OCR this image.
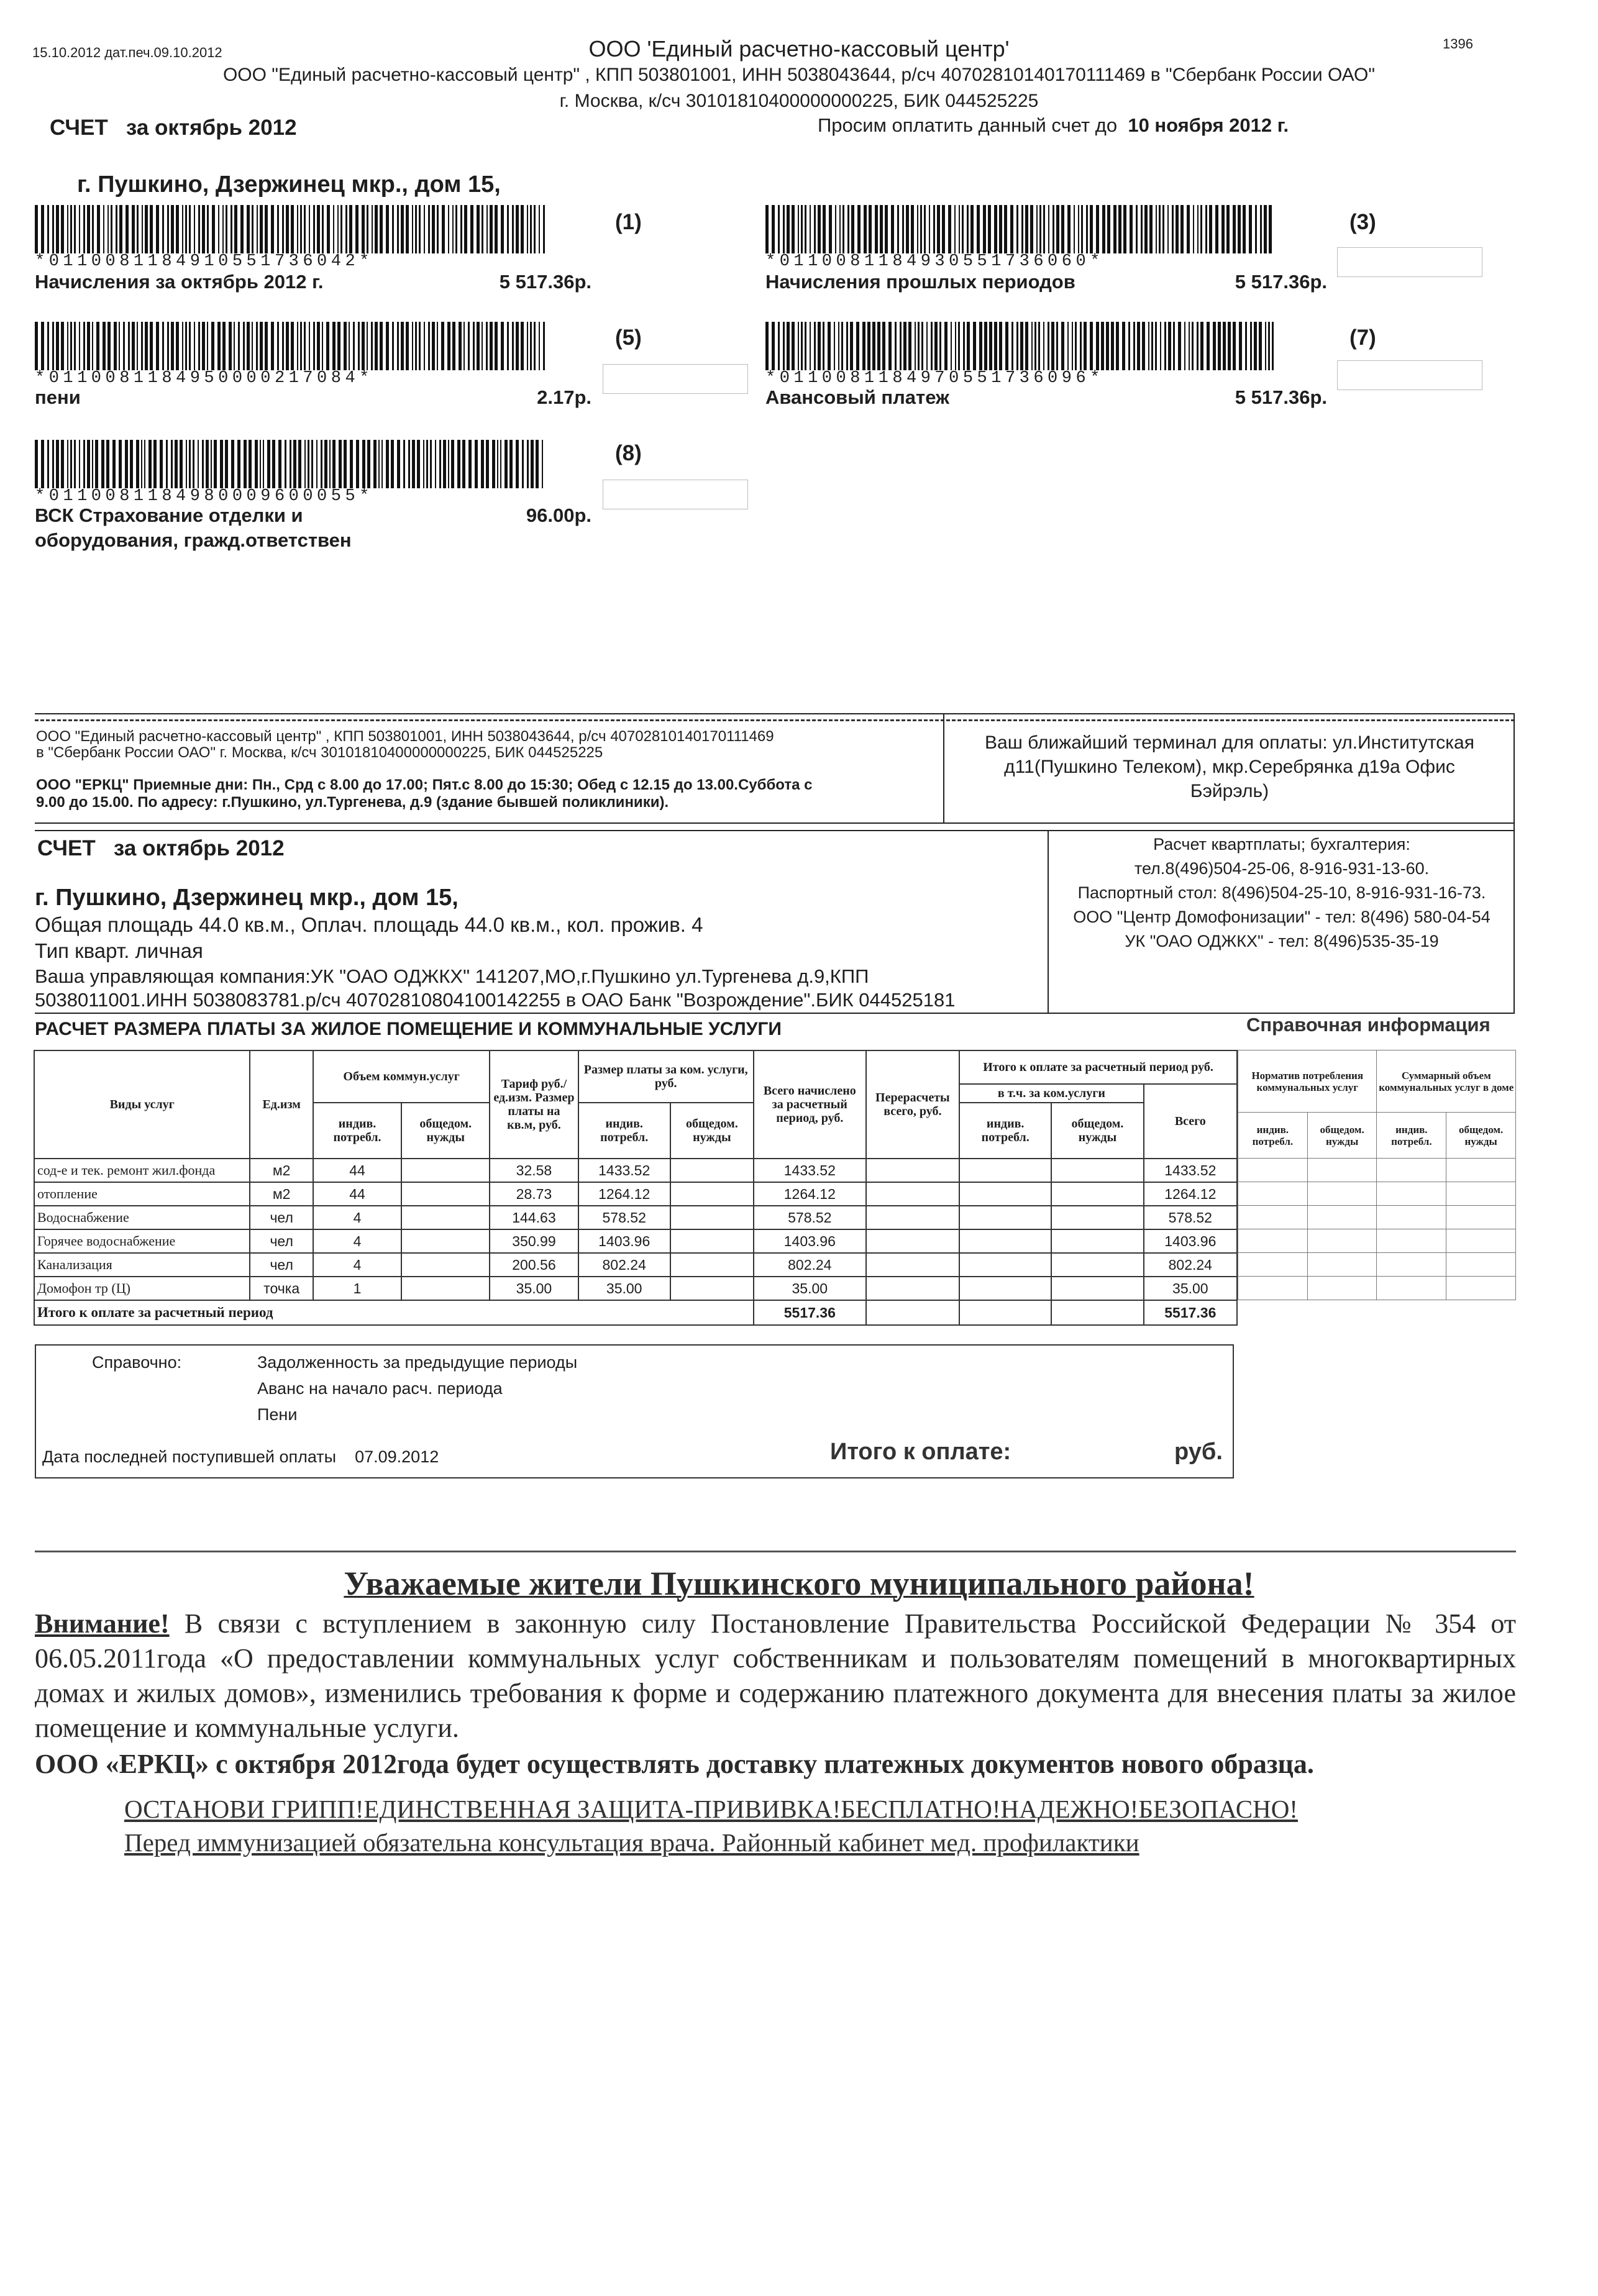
15.10.2012 дат.печ.09.10.2012
1396
ООО 'Единый расчетно-кассовый центр'
ООО "Единый расчетно-кассовый центр" , КПП 503801001, ИНН 5038043644, р/сч 40702810140170111469 в "Сбербанк России ОАО"
г. Москва, к/сч 30101810400000000225, БИК 044525225
СЧЕТ за октябрь 2012	Просим оплатить данный счет до 10 ноября 2012 г.
г. Пушкино, Дзержинец мкр., дом 15,
*0110081184910551736042*
Начисления за октябрь 2012 г.	5 517.36р.
(1)
*0110081184930551736060*
Начисления прошлых периодов	5 517.36р.
(3)
*0110081184950000217084*
пени	2.17р.
(5)
*0110081184970551736096*
Авансовый платеж	5 517.36р.
(7)
*0110081184980009600055*
ВСК Страхование отделки и
оборудования, гражд.ответствен
96.00р.
(8)
ООО "Единый расчетно-кассовый центр" , КПП 503801001, ИНН 5038043644, р/сч 40702810140170111469
в "Сбербанк России ОАО" г. Москва, к/сч 30101810400000000225, БИК 044525225
ООО "ЕРКЦ" Приемные дни: Пн., Срд с 8.00 до 17.00; Пят.с 8.00 до 15:30; Обед с 12.15 до 13.00.Суббота с
9.00 до 15.00. По адресу: г.Пушкино, ул.Тургенева, д.9 (здание бывшей поликлиники).
Ваш ближайший терминал для оплаты: ул.Институтская
д11(Пушкино Телеком), мкр.Серебрянка д19а Офис
Бэйрэль)
СЧЕТ за октябрь 2012
г. Пушкино, Дзержинец мкр., дом 15,
Общая площадь 44.0 кв.м., Оплач. площадь 44.0 кв.м., кол. прожив. 4
Тип кварт. личная
Ваша управляющая компания:УК "ОАО ОДЖКХ" 141207,МО,г.Пушкино ул.Тургенева д.9,КПП
5038011001.ИНН 5038083781.р/сч 40702810804100142255 в ОАО Банк "Возрождение".БИК 044525181
Расчет квартплаты; бухгалтерия:
тел.8(496)504-25-06, 8-916-931-13-60.
Паспортный стол: 8(496)504-25-10, 8-916-931-16-73.
ООО "Центр Домофонизации" - тел: 8(496) 580-04-54
УК "ОАО ОДЖКХ" - тел: 8(496)535-35-19
РАСЧЕТ РАЗМЕРА ПЛАТЫ ЗА ЖИЛОЕ ПОМЕЩЕНИЕ И КОММУНАЛЬНЫЕ УСЛУГИ	Справочная информация
Виды услуг	Ед.изм	Объем коммун.услуг		Тариф руб./ед.изм. Размер платы на кв.м, руб.	Размер платы за ком. услуги, руб.		Всего начислено за расчетный период, руб.	Перерасчеты всего, руб.	Итого к оплате за расчетный период руб.		
									в т.ч. за ком.услуги		Всего
		индив. потребл.	общедом. нужды		индив. потребл.	общедом. нужды			индив. потребл.	общедом. нужды	
сод-е и тек. ремонт жил.фонда	м2	44		32.58	1433.52		1433.52				1433.52
отопление	м2	44		28.73	1264.12		1264.12				1264.12
Водоснабжение	чел	4		144.63	578.52		578.52				578.52
Горячее водоснабжение	чел	4		350.99	1403.96		1403.96				1403.96
Канализация	чел	4		200.56	802.24		802.24				802.24
Домофон тр (Ц)	точка	1		35.00	35.00		35.00				35.00
Итого к оплате за расчетный период							5517.36				5517.36
Норматив потребления коммунальных услуг		Суммарный объем коммунальных услуг в доме	
индив. потребл.	общедом. нужды	индив. потребл.	общедом. нужды

Справочно:	Задолженность за предыдущие периоды
Аванс на начало расч. периода
Пени
Дата последней поступившей оплаты 07.09.2012	Итого к оплате:	руб.
Уважаемые жители Пушкинского муниципального района!
Внимание! В связи с вступлением в законную силу Постановление Правительства Российской Федерации № 354 от 06.05.2011года «О предоставлении коммунальных услуг собственникам и пользователям помещений в многоквартирных домах и жилых домов», изменились требования к форме и содержанию платежного документа для внесения платы за жилое помещение и коммунальные услуги.
ООО «ЕРКЦ» с октября 2012года будет осуществлять доставку платежных документов нового образца.
ОСТАНОВИ ГРИПП!ЕДИНСТВЕННАЯ ЗАЩИТА-ПРИВИВКА!БЕСПЛАТНО!НАДЕЖНО!БЕЗОПАСНО!
Перед иммунизацией обязательна консультация врача. Районный кабинет мед. профилактики
